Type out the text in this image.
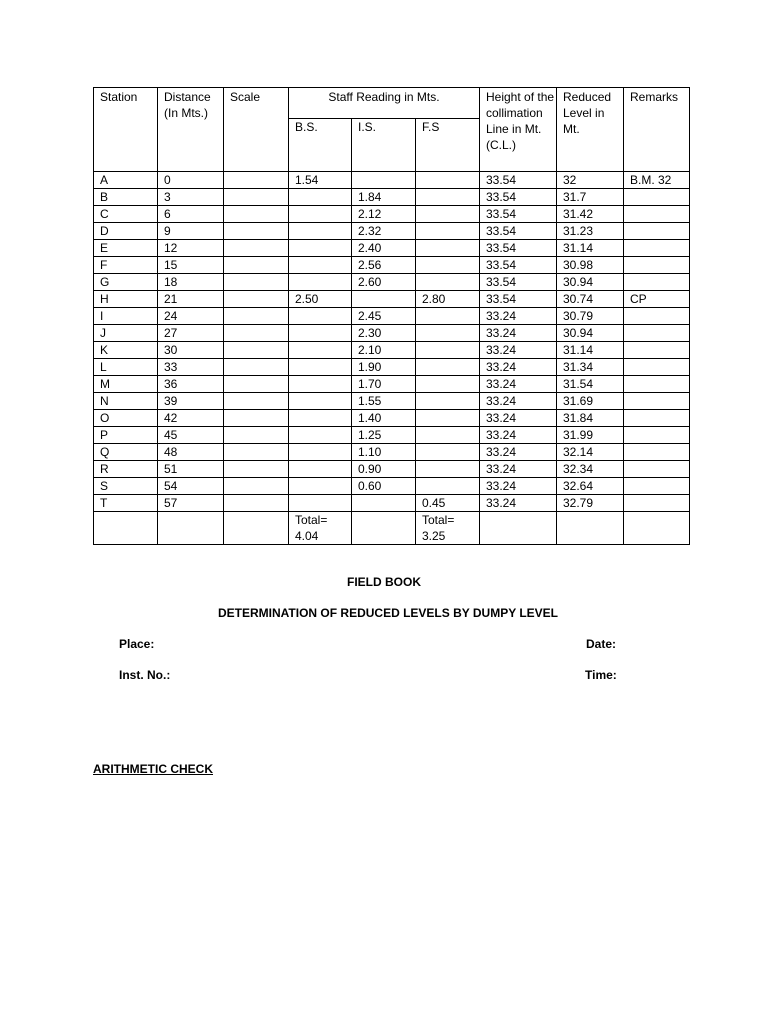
Station	Distance (In Mts.)	Scale	Staff Reading in Mts.			Height of the collimation Line in Mt. (C.L.)	Reduced Level in Mt.	Remarks
			B.S.	I.S.	F.S			
A	0		1.54			33.54	32	B.M. 32
B	3			1.84		33.54	31.7	
C	6			2.12		33.54	31.42	
D	9			2.32		33.54	31.23	
E	12			2.40		33.54	31.14	
F	15			2.56		33.54	30.98	
G	18			2.60		33.54	30.94	
H	21		2.50		2.80	33.54	30.74	CP
I	24			2.45		33.24	30.79	
J	27			2.30		33.24	30.94	
K	30			2.10		33.24	31.14	
L	33			1.90		33.24	31.34	
M	36			1.70		33.24	31.54	
N	39			1.55		33.24	31.69	
O	42			1.40		33.24	31.84	
P	45			1.25		33.24	31.99	
Q	48			1.10		33.24	32.14	
R	51			0.90		33.24	32.34	
S	54			0.60		33.24	32.64	
T	57				0.45	33.24	32.79	
			Total= 4.04		Total= 3.25			
FIELD BOOK
DETERMINATION OF REDUCED LEVELS BY DUMPY LEVEL
Place:	Date:
Inst. No.:	Time:
ARITHMETIC CHECK
